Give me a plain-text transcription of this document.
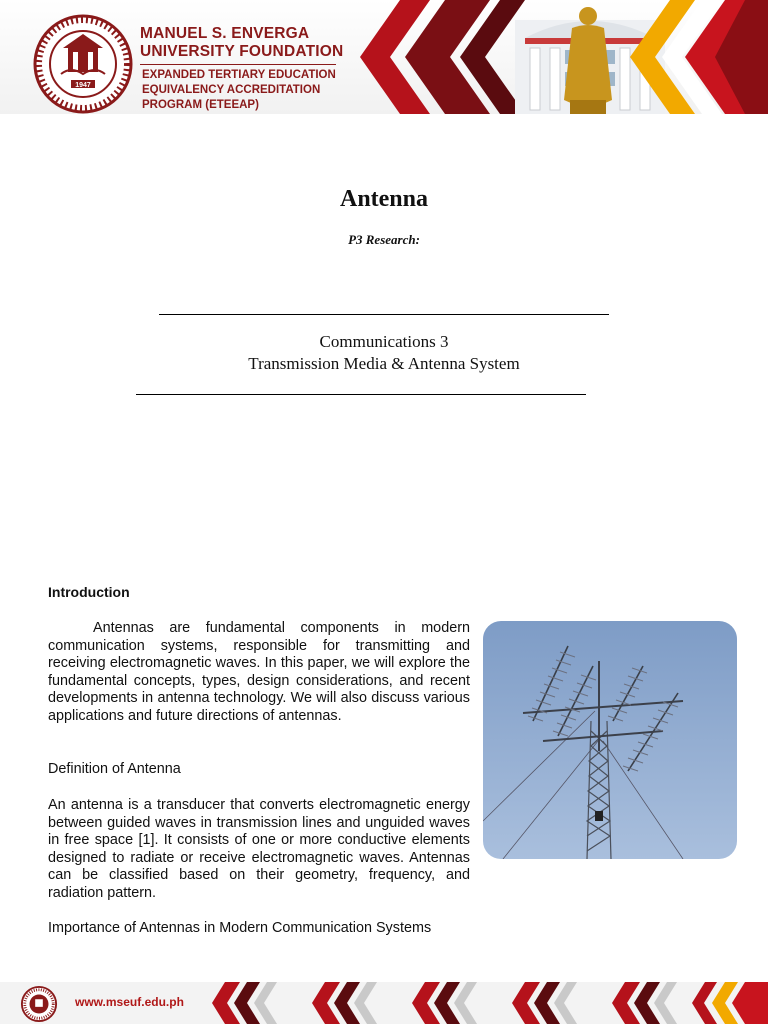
1947
MANUEL S. ENVERGA
UNIVERSITY FOUNDATION
EXPANDED TERTIARY EDUCATION
EQUIVALENCY ACCREDITATION
PROGRAM (ETEEAP)
Antenna
P3 Research:
Communications 3
Transmission Media & Antenna System
Introduction

Antennas are fundamental components in modern communication systems, responsible for transmitting and receiving electromagnetic waves. In this paper, we will explore the fundamental concepts, types, design considerations, and recent developments in antenna technology. We will also discuss various applications and future directions of antennas.

Definition of Antenna

An antenna is a transducer that converts electromagnetic energy between guided waves in transmission lines and unguided waves in free space [1]. It consists of one or more conductive elements designed to radiate or receive electromagnetic waves. Antennas can be classified based on their geometry, frequency, and radiation pattern.

Importance of Antennas in Modern Communication Systems

www.mseuf.edu.ph
